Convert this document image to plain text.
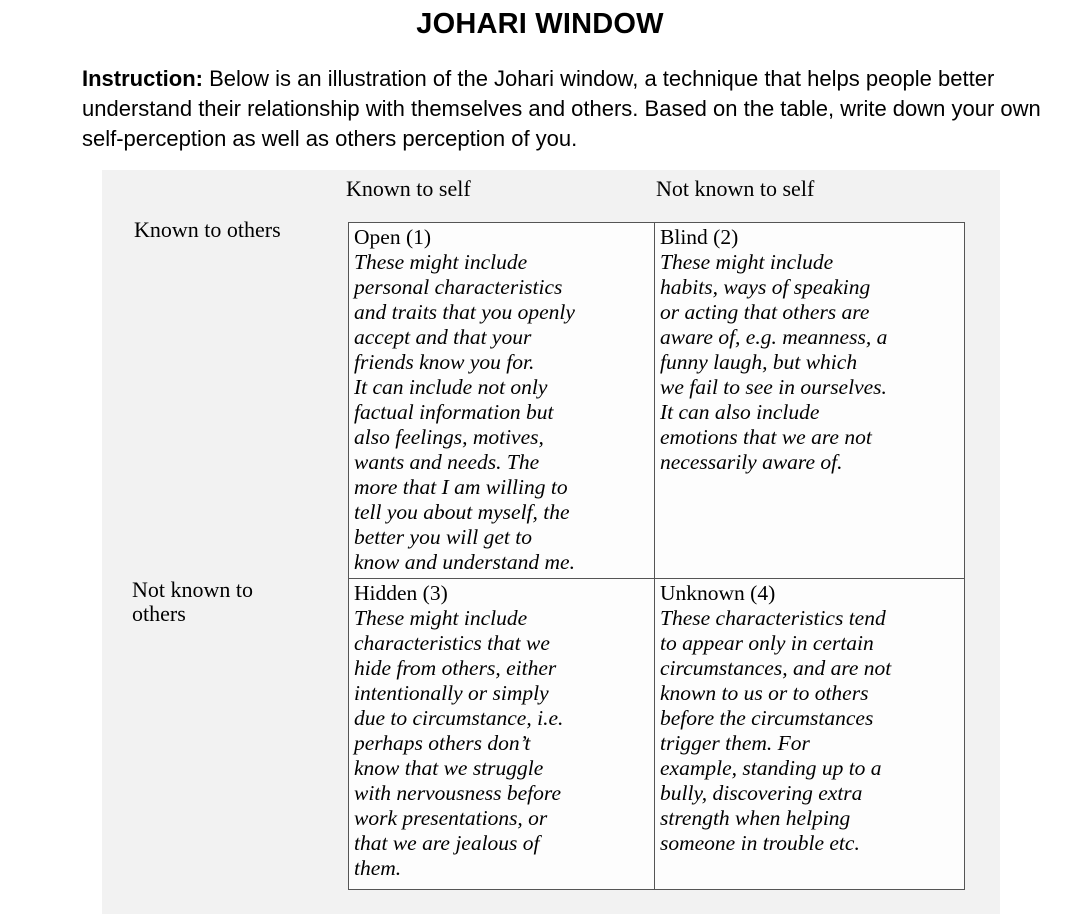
JOHARI WINDOW
Instruction: Below is an illustration of the Johari window, a technique that helps people better understand their relationship with themselves and others. Based on the table, write down your own self-perception as well as others perception of you.
Known to self	Not known to self
Known to others
Not known to
others
Open (1)
These might include
personal characteristics
and traits that you openly
accept and that your
friends know you for.
It can include not only
factual information but
also feelings, motives,
wants and needs. The
more that I am willing to
tell you about myself, the
better you will get to
know and understand me.
Blind (2)
These might include
habits, ways of speaking
or acting that others are
aware of, e.g. meanness, a
funny laugh, but which
we fail to see in ourselves.
It can also include
emotions that we are not
necessarily aware of.
Hidden (3)
These might include
characteristics that we
hide from others, either
intentionally or simply
due to circumstance, i.e.
perhaps others don’t
know that we struggle
with nervousness before
work presentations, or
that we are jealous of
them.
Unknown (4)
These characteristics tend
to appear only in certain
circumstances, and are not
known to us or to others
before the circumstances
trigger them. For
example, standing up to a
bully, discovering extra
strength when helping
someone in trouble etc.
